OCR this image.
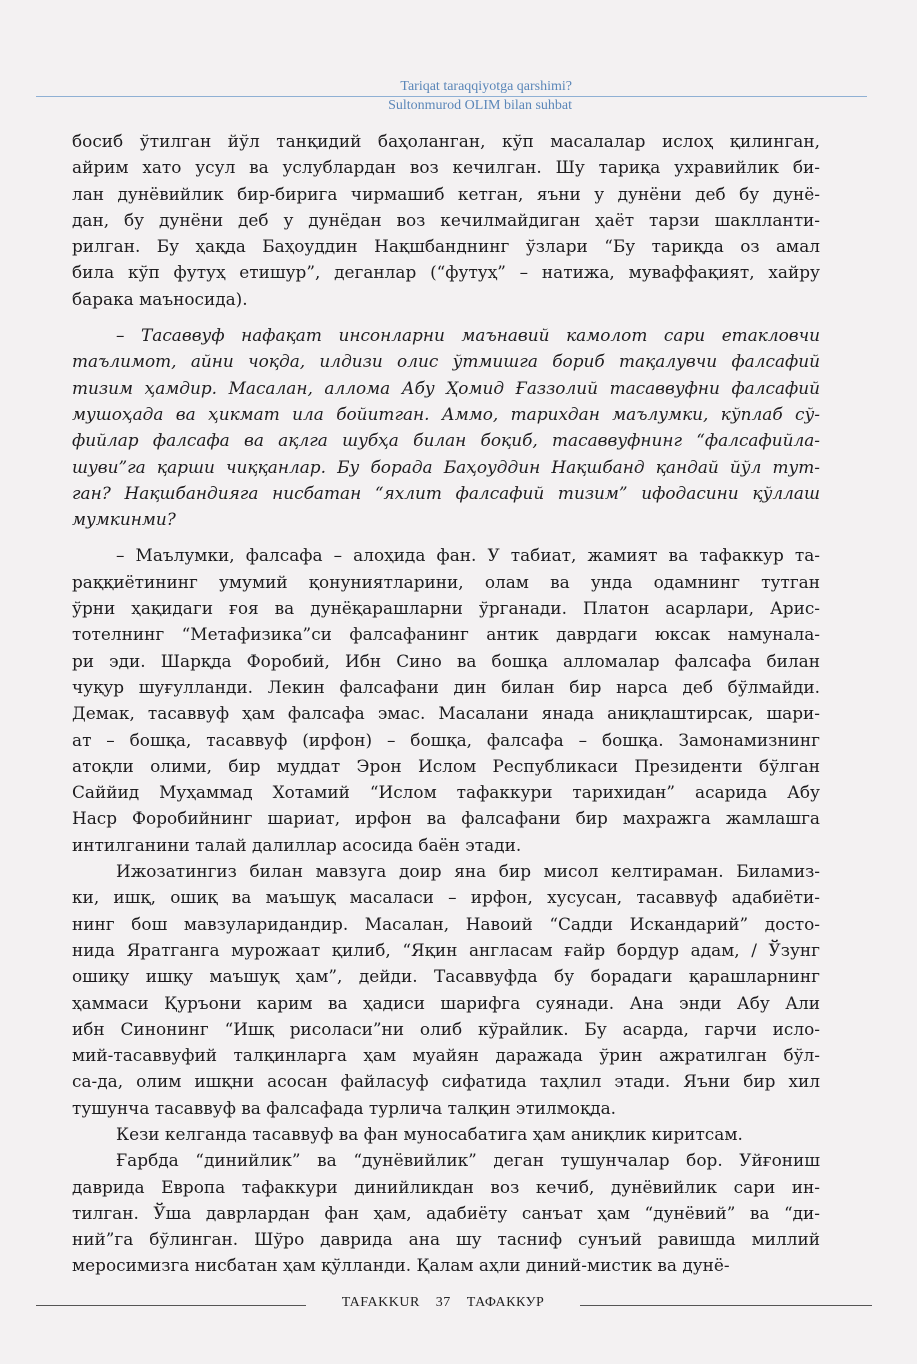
Tariqat taraqqiyotga qarshimi?
Sultonmurod OLIM bilan suhbat
босиб ўтилган йўл танқидий баҳоланган, кўп масалалар ислоҳ қилинган,
айрим хато усул ва услублардан воз кечилган. Шу тариқа ухравийлик би-
лан дунёвийлик бир-бирига чирмашиб кетган, яъни у дунёни деб бу дунё-
дан, бу дунёни деб у дунёдан воз кечилмайдиган ҳаёт тарзи шаклланти-
рилган. Бу ҳақда Баҳоуддин Нақшбанднинг ўзлари “Бу тариқда оз амал
била кўп футуҳ етишур”, деганлар (“футуҳ” – натижа, муваффақият, хайру
барака маъносида).
– Тасаввуф нафақат инсонларни маънавий камолот сари етакловчи
таълимот, айни чоқда, илдизи олис ўтмишга бориб тақалувчи фалсафий
тизим ҳамдир. Масалан, аллома Абу Ҳомид Ғаззолий тасаввуфни фалсафий
мушоҳада ва ҳикмат ила бойитган. Аммо, тарихдан маълумки, кўплаб сў-
фийлар фалсафа ва ақлга шубҳа билан боқиб, тасаввуфнинг “фалсафийла-
шуви”га қарши чиққанлар. Бу борада Баҳоуддин Нақшбанд қандай йўл тут-
ган? Нақшбандияга нисбатан “яхлит фалсафий тизим” ифодасини қўллаш
мумкинми?
– Маълумки, фалсафа – алоҳида фан. У табиат, жамият ва тафаккур та-
раққиётининг умумий қонуниятларини, олам ва унда одамнинг тутган
ўрни ҳақидаги ғоя ва дунёқарашларни ўрганади. Платон асарлари, Арис-
тотелнинг “Метафизика”си фалсафанинг антик даврдаги юксак намунала-
ри эди. Шарқда Форобий, Ибн Сино ва бошқа алломалар фалсафа билан
чуқур шуғулланди. Лекин фалсафани дин билан бир нарса деб бўлмайди.
Демак, тасаввуф ҳам фалсафа эмас. Масалани янада аниқлаштирсак, шари-
ат – бошқа, тасаввуф (ирфон) – бошқа, фалсафа – бошқа. Замонамизнинг
атоқли олими, бир муддат Эрон Ислом Республикаси Президенти бўлган
Саййид Муҳаммад Хотамий “Ислом тафаккури тарихидан” асарида Абу
Наср Форобийнинг шариат, ирфон ва фалсафани бир махражга жамлашга
интилганини талай далиллар асосида баён этади.
Ижозатингиз билан мавзуга доир яна бир мисол келтираман. Биламиз-
ки, ишқ, ошиқ ва маъшуқ масаласи – ирфон, хусусан, тасаввуф адабиёти-
нинг бош мавзуларидандир. Масалан, Навоий “Садди Искандарий” досто-
нида Яратганга мурожаат қилиб, “Яқин англасам ғайр бордур адам, / Ўзунг
ошиқу ишқу маъшуқ ҳам”, дейди. Тасаввуфда бу борадаги қарашларнинг
ҳаммаси Қуръони карим ва ҳадиси шарифга суянади. Ана энди Абу Али
ибн Синонинг “Ишқ рисоласи”ни олиб кўрайлик. Бу асарда, гарчи исло-
мий-тасаввуфий талқинларга ҳам муайян даражада ўрин ажратилган бўл-
са-да, олим ишқни асосан файласуф сифатида таҳлил этади. Яъни бир хил
тушунча тасаввуф ва фалсафада турлича талқин этилмоқда.
Кези келганда тасаввуф ва фан муносабатига ҳам аниқлик киритсам.
Ғарбда “динийлик” ва “дунёвийлик” деган тушунчалар бор. Уйғониш
даврида Европа тафаккури динийликдан воз кечиб, дунёвийлик сари ин-
тилган. Ўша даврлардан фан ҳам, адабиёту санъат ҳам “дунёвий” ва “ди-
ний”га бўлинган. Шўро даврида ана шу тасниф сунъий равишда миллий
меросимизга нисбатан ҳам қўлланди. Қалам аҳли диний-мистик ва дунё-
TAFAKKUR 37 ТАФАККУР
